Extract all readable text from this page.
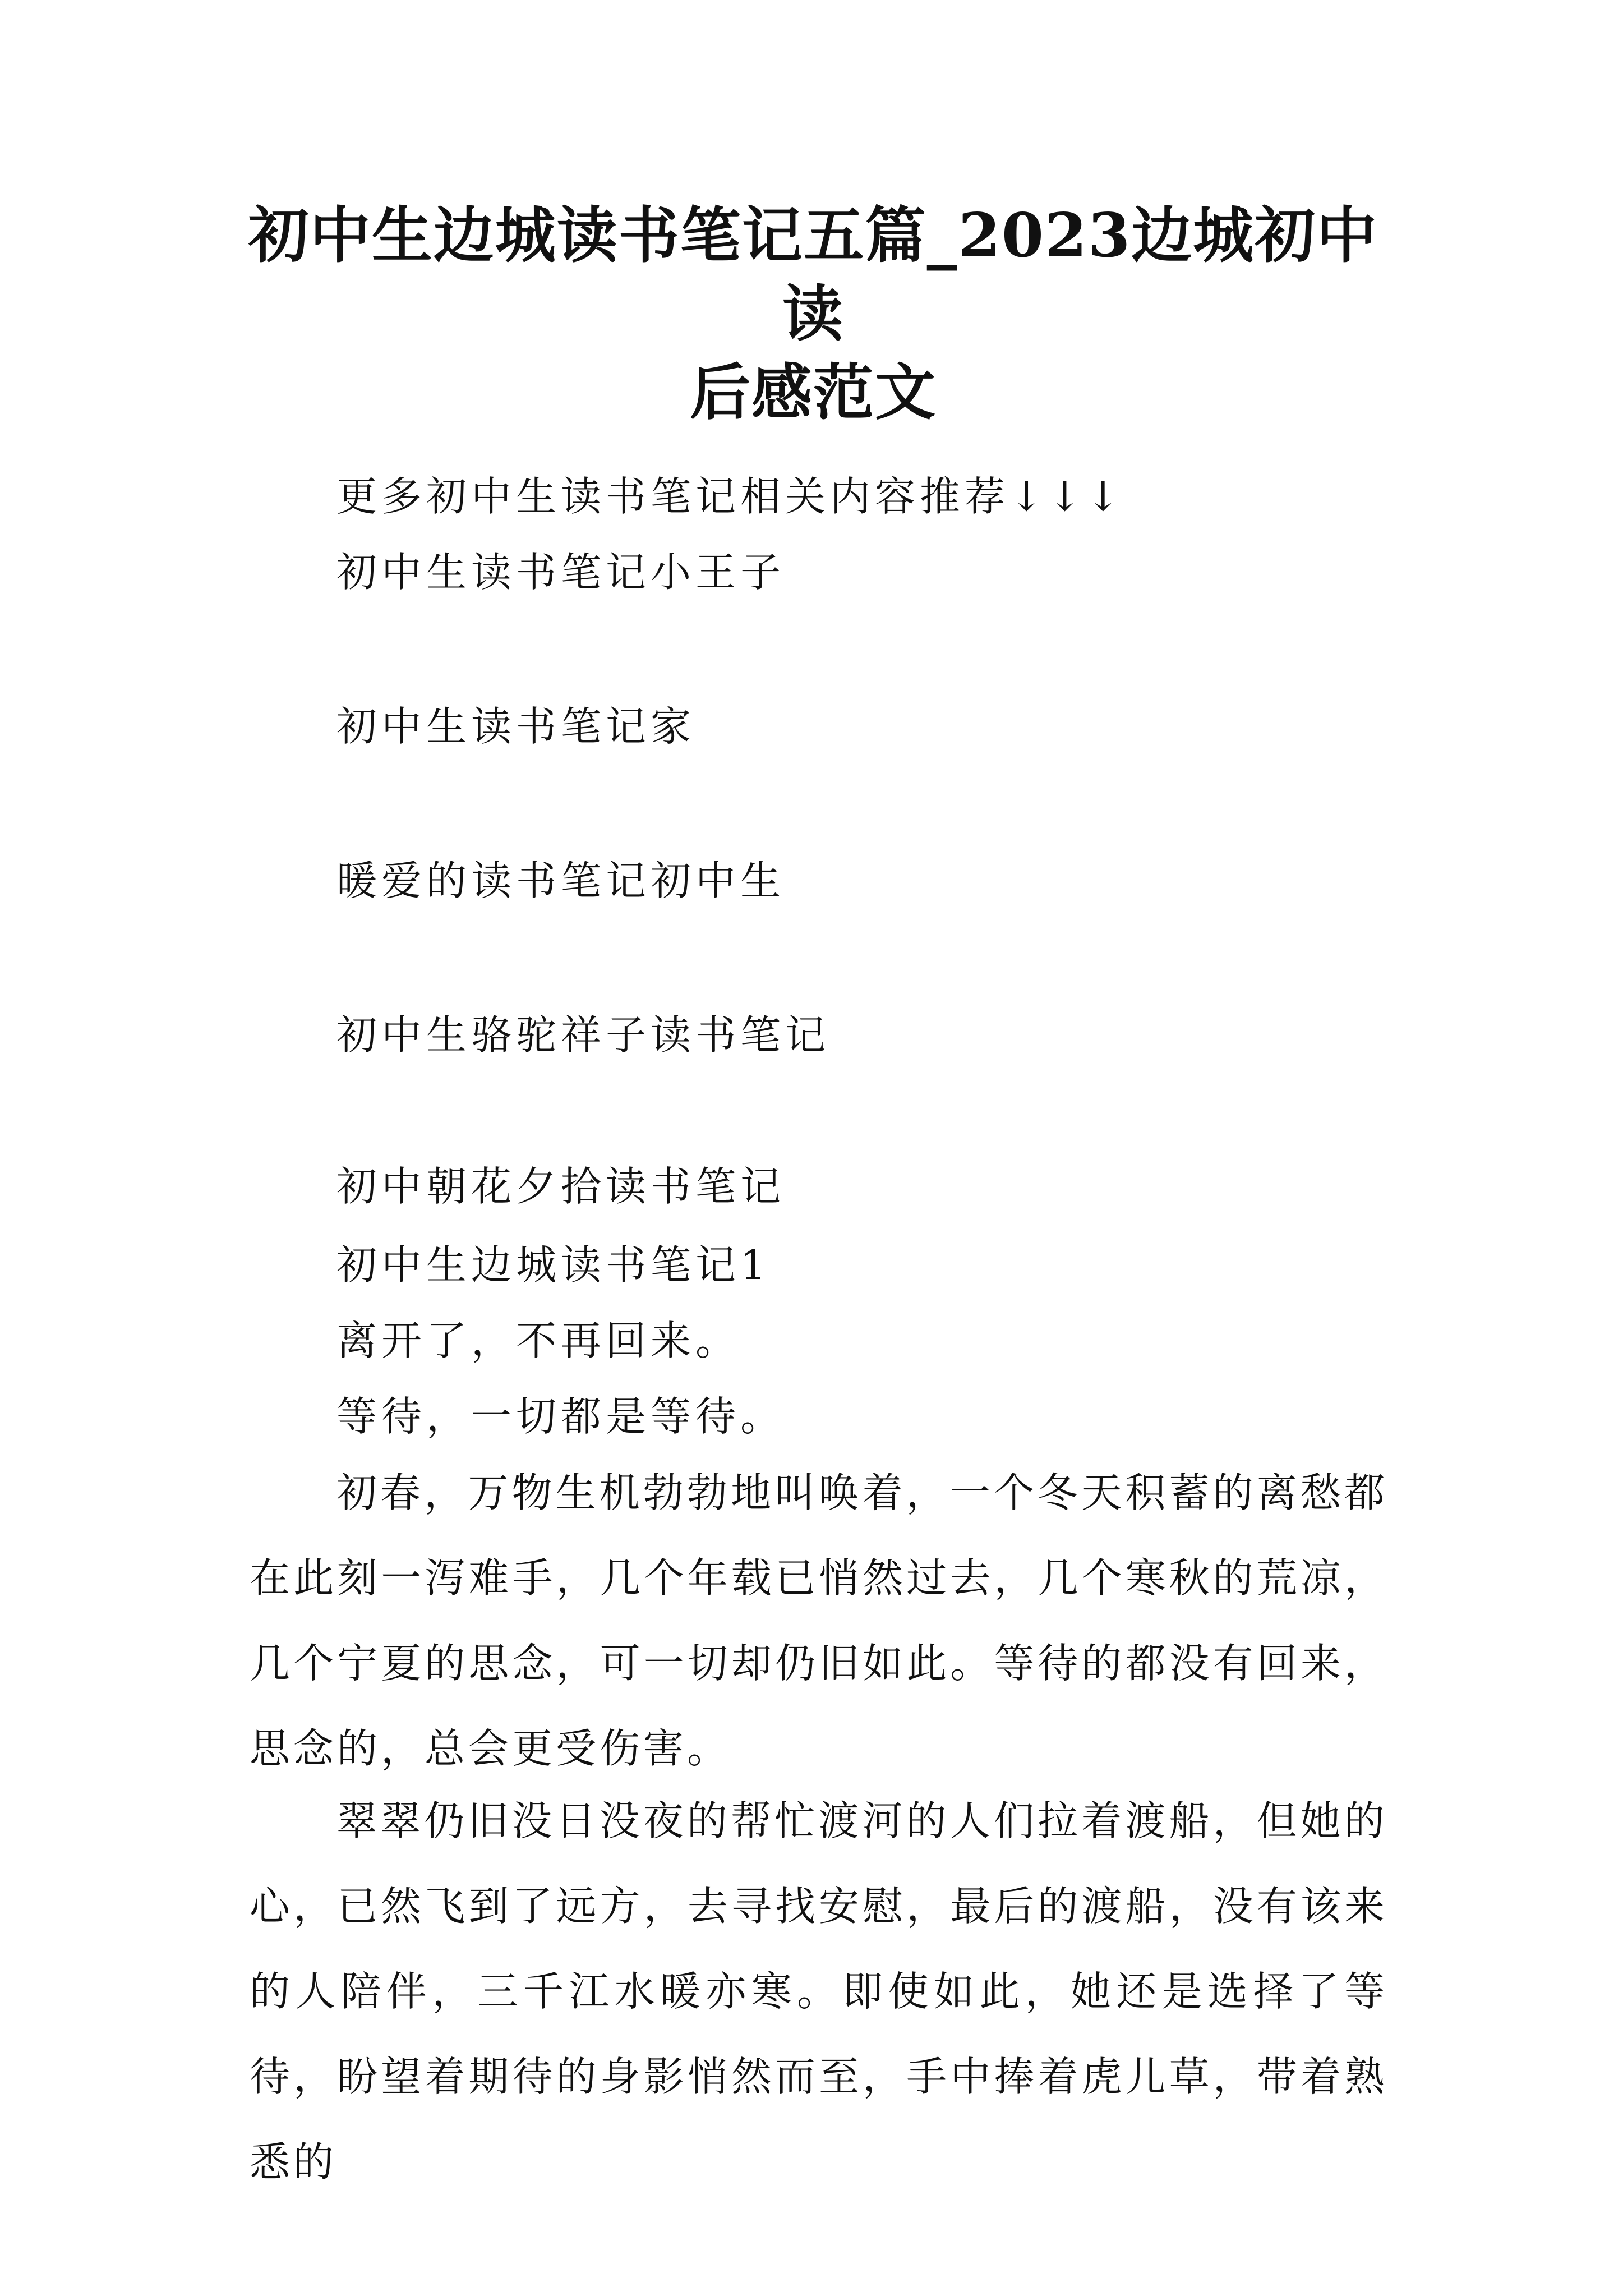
初中生边城读书笔记五篇_2023边城初中读
后感范文

更多初中生读书笔记相关内容推荐↓↓↓

初中生读书笔记小王子

初中生读书笔记家

暖爱的读书笔记初中生

初中生骆驼祥子读书笔记

初中朝花夕拾读书笔记

初中生边城读书笔记1

离开了，不再回来。

等待，一切都是等待。

初春，万物生机勃勃地叫唤着，一个冬天积蓄的离愁都在此刻一泻难手，几个年载已悄然过去，几个寒秋的荒凉，几个宁夏的思念，可一切却仍旧如此。等待的都没有回来，思念的，总会更受伤害。

翠翠仍旧没日没夜的帮忙渡河的人们拉着渡船，但她的心，已然飞到了远方，去寻找安慰，最后的渡船，没有该来的人陪伴，三千江水暖亦寒。即使如此，她还是选择了等待，盼望着期待的身影悄然而至，手中捧着虎儿草，带着熟悉的
